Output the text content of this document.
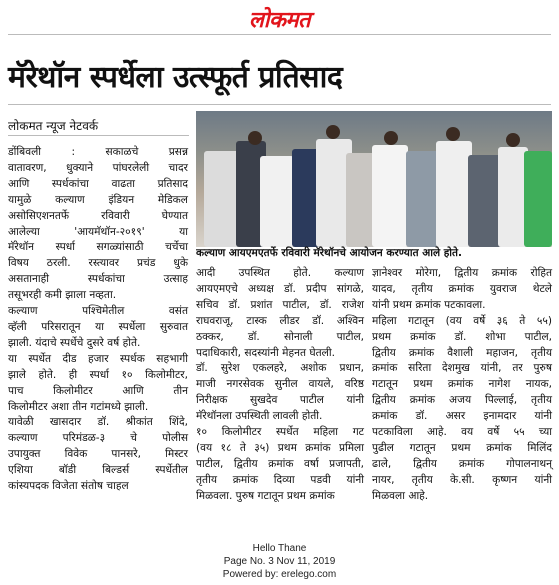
लोकमत
मॅरेथॉन स्पर्धेला उत्स्फूर्त प्रतिसाद
लोकमत न्यूज नेटवर्क
कल्याण आयएमएतर्फे रविवारी मॅरेथॉनचे आयोजन करण्यात आले होते.
डोंबिवली : सकाळचे प्रसन्न
वातावरण, धुक्याने पांघरलेली चादर
आणि स्पर्धकांचा वाढता प्रतिसाद
यामुळे कल्याण इंडियन मेडिकल
असोसिएशनतर्फे रविवारी घेण्यात
आलेल्या 'आयमॅथॉन-२०१९' या
मॅरेथॉन स्पर्धा सगळ्यांसाठी चर्चेचा
विषय ठरली. रस्त्यावर प्रचंड धुके
असतानाही स्पर्धकांचा उत्साह
तसूभरही कमी झाला नव्हता.
कल्याण पश्चिमेतील वसंत
व्हॅली परिसरातून या स्पर्धेला सुरुवात
झाली. यंदाचे स्पर्धेचे दुसरे वर्ष होते.
या स्पर्धेत दीड हजार स्पर्धक सहभागी
झाले होते. ही स्पर्धा १० किलोमीटर,
पाच किलोमीटर आणि तीन
किलोमीटर अशा तीन गटांमध्ये झाली.
यावेळी खासदार डॉ. श्रीकांत शिंदे,
कल्याण परिमंडळ-३ चे पोलीस
उपायुक्त विवेक पानसरे, मिस्टर
एशिया बॉडी बिल्डर्स स्पर्धेतील
कांस्यपदक विजेता संतोष चाहल
आदी उपस्थित होते. कल्याण
आयएमएचे अध्यक्ष डॉ. प्रदीप सांगळे,
सचिव डॉ. प्रशांत पाटील, डॉ. राजेश
राघवराजू, टास्क लीडर डॉ. अश्विन
ठक्कर, डॉ. सोनाली पाटील,
पदाधिकारी, सदस्यांनी मेहनत घेतली.
डॉ. सुरेश एकलहरे, अशोक प्रधान,
माजी नगरसेवक सुनील वायले, वरिष्ठ
निरीक्षक सुखदेव पाटील यांनी
मॅरेथॉनला उपस्थिती लावली होती.
१० किलोमीटर स्पर्धेत महिला गट
(वय १८ ते ३५) प्रथम क्रमांक प्रमिला
पाटील, द्वितीय क्रमांक वर्षा प्रजापती,
तृतीय क्रमांक दिव्या पडवी यांनी
मिळवला. पुरुष गटातून प्रथम क्रमांक
ज्ञानेश्वर मोरेगा, द्वितीय क्रमांक रोहित
यादव, तृतीय क्रमांक युवराज थेटले
यांनी प्रथम क्रमांक पटकावला.
महिला गटातून (वय वर्षे ३६ ते ५५)
प्रथम क्रमांक डॉ. शोभा पाटील,
द्वितीय क्रमांक वैशाली महाजन, तृतीय
क्रमांक सरिता देशमुख यांनी, तर पुरुष
गटातून प्रथम क्रमांक नागेश नायक,
द्वितीय क्रमांक अजय पिल्लाई, तृतीय
क्रमांक डॉ. असर इनामदार यांनी
पटकाविला आहे. वय वर्षे ५५ च्या
पुढील गटातून प्रथम क्रमांक मिलिंद
ढाले, द्वितीय क्रमांक गोपालनाथन्
नायर, तृतीय के.सी. कृष्णन यांनी
मिळवला आहे.
Hello Thane
Page No. 3 Nov 11, 2019
Powered by: erelego.com
